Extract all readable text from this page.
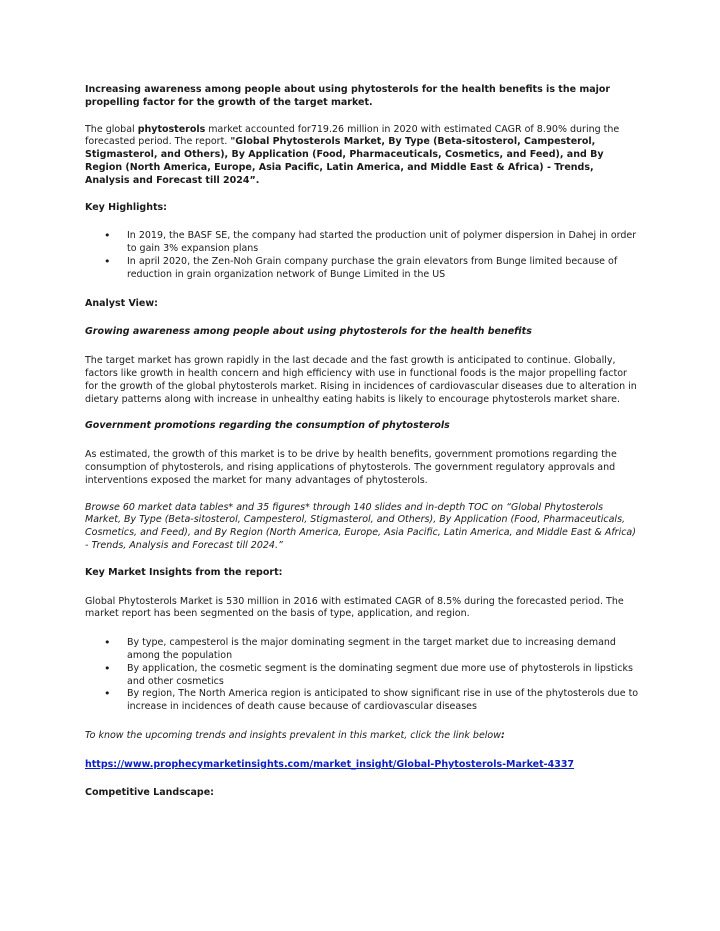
Increasing awareness among people about using phytosterols for the health benefits is the major propelling factor for the growth of the target market.

The global phytosterols market accounted for719.26 million in 2020 with estimated CAGR of 8.90% during the forecasted period. The report. "Global Phytosterols Market, By Type (Beta-sitosterol, Campesterol, Stigmasterol, and Others), By Application (Food, Pharmaceuticals, Cosmetics, and Feed), and By Region (North America, Europe, Asia Pacific, Latin America, and Middle East & Africa) - Trends, Analysis and Forecast till 2024”.

Key Highlights:

• In 2019, the BASF SE, the company had started the production unit of polymer dispersion in Dahej in order to gain 3% expansion plans
• In april 2020, the Zen-Noh Grain company purchase the grain elevators from Bunge limited because of reduction in grain organization network of Bunge Limited in the US

Analyst View:

Growing awareness among people about using phytosterols for the health benefits

The target market has grown rapidly in the last decade and the fast growth is anticipated to continue. Globally, factors like growth in health concern and high efficiency with use in functional foods is the major propelling factor for the growth of the global phytosterols market. Rising in incidences of cardiovascular diseases due to alteration in dietary patterns along with increase in unhealthy eating habits is likely to encourage phytosterols market share.

Government promotions regarding the consumption of phytosterols

As estimated, the growth of this market is to be drive by health benefits, government promotions regarding the consumption of phytosterols, and rising applications of phytosterols. The government regulatory approvals and interventions exposed the market for many advantages of phytosterols.

Browse 60 market data tables* and 35 figures* through 140 slides and in-depth TOC on “Global Phytosterols Market, By Type (Beta-sitosterol, Campesterol, Stigmasterol, and Others), By Application (Food, Pharmaceuticals, Cosmetics, and Feed), and By Region (North America, Europe, Asia Pacific, Latin America, and Middle East & Africa) - Trends, Analysis and Forecast till 2024.”

Key Market Insights from the report:

Global Phytosterols Market is 530 million in 2016 with estimated CAGR of 8.5% during the forecasted period. The market report has been segmented on the basis of type, application, and region.

• By type, campesterol is the major dominating segment in the target market due to increasing demand among the population
• By application, the cosmetic segment is the dominating segment due more use of phytosterols in lipsticks and other cosmetics
• By region, The North America region is anticipated to show significant rise in use of the phytosterols due to increase in incidences of death cause because of cardiovascular diseases

To know the upcoming trends and insights prevalent in this market, click the link below:

https://www.prophecymarketinsights.com/market_insight/Global-Phytosterols-Market-4337

Competitive Landscape:
